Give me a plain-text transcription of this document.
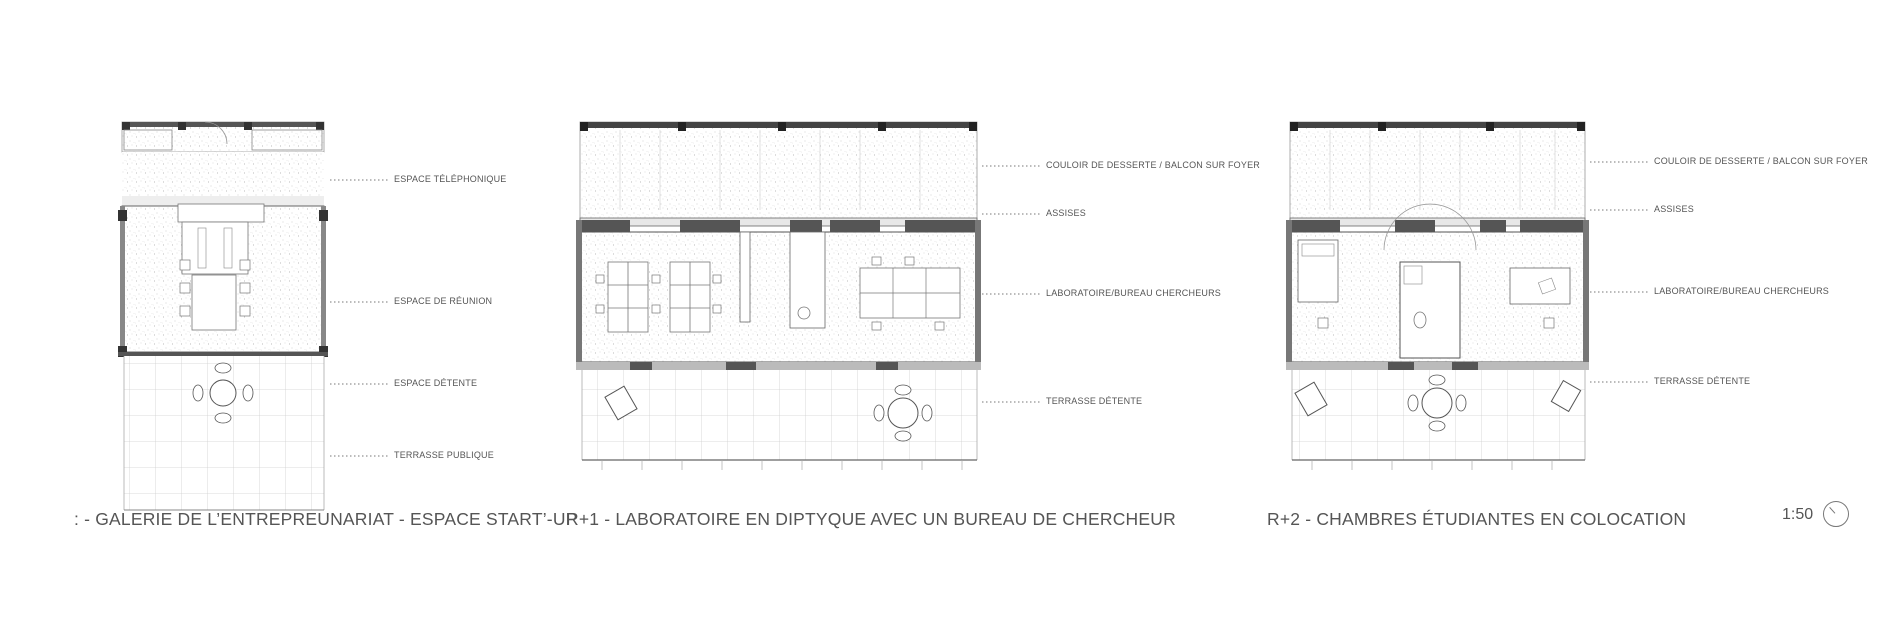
ESPACE TÉLÉPHONIQUE
ESPACE DE RÉUNION
ESPACE DÉTENTE
TERRASSE PUBLIQUE
COULOIR DE DESSERTE / BALCON SUR FOYER
ASSISES
LABORATOIRE/BUREAU CHERCHEURS
TERRASSE DÉTENTE
COULOIR DE DESSERTE / BALCON SUR FOYER
ASSISES
LABORATOIRE/BUREAU CHERCHEURS
TERRASSE DÉTENTE
: - GALERIE DE L’ENTREPREUNARIAT - ESPACE START’-UP
R+1 - LABORATOIRE EN DIPTYQUE AVEC UN BUREAU DE CHERCHEUR	R+2 - CHAMBRES ÉTUDIANTES EN COLOCATION	1:50
